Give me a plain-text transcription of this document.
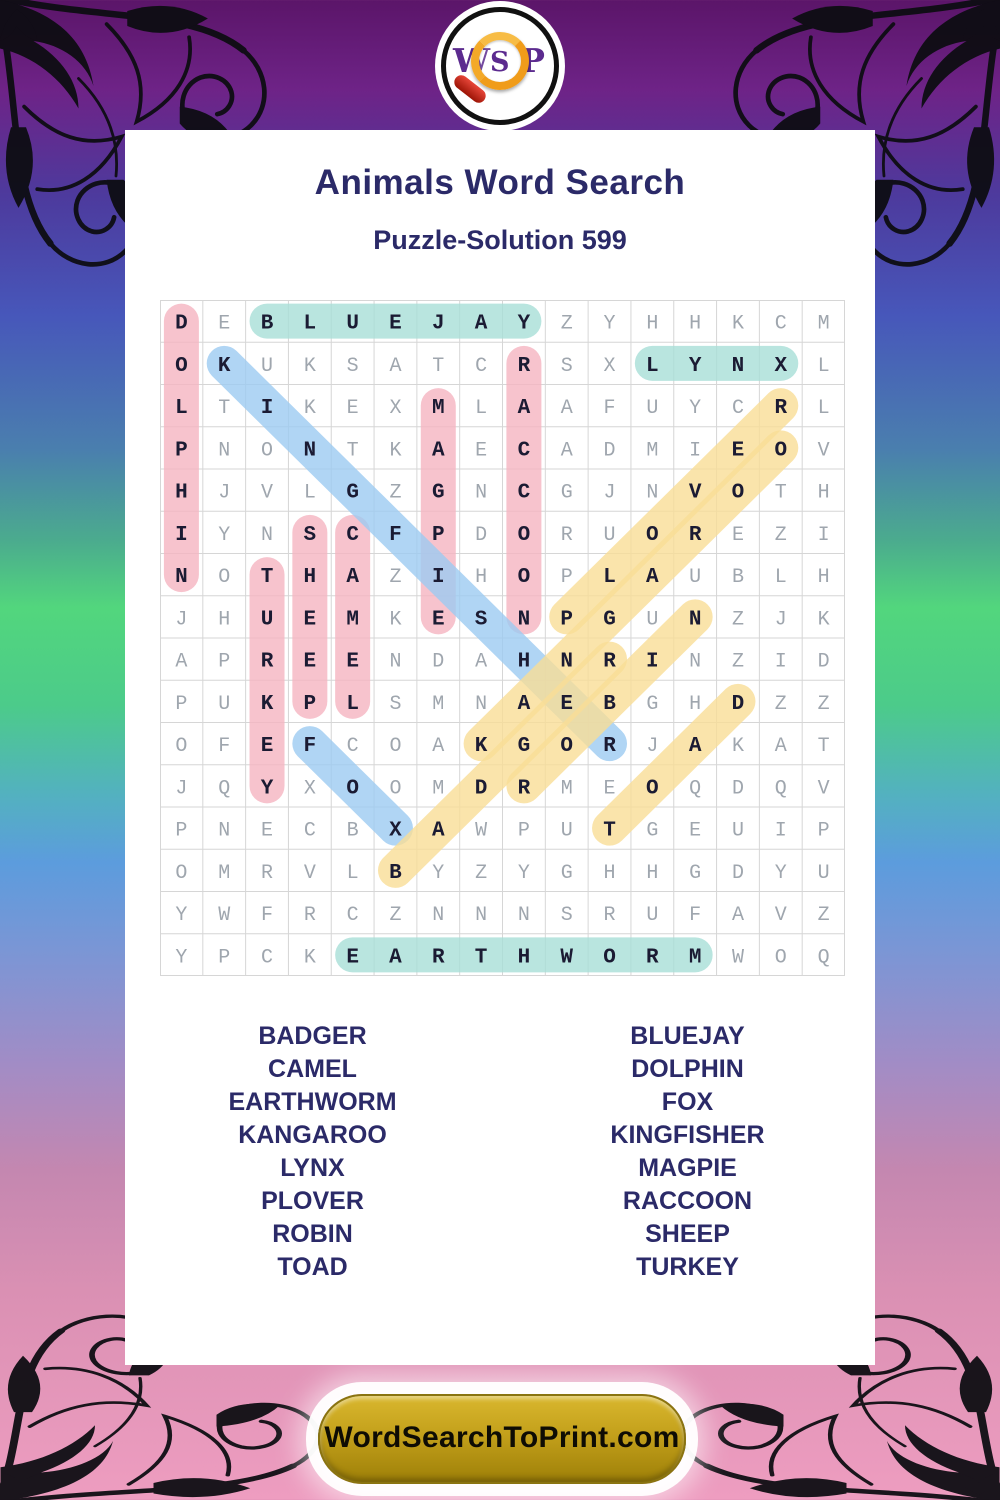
W S P
Animals Word Search
Puzzle-Solution 599
D E B L U E J A Y Z Y H H K C M
O K U K S A T C R S X L Y N X L
L T I K E X M L A A F U Y C R L
P N O N T K A E C A D M I E O V
H J V L G Z G N C G J N V O T H
I Y N S C F P D O R U O R E Z I
N O T H A Z I H O P L A U B L H
J H U E M K E S N P G U N Z J K
A P R E E N D A H N R I N Z I D
P U K P L S M N A E B G H D Z Z
O F E F C O A K G O R J A K A T
J Q Y X O O M D R M E O Q D Q V
P N E C B X A W P U T G E U I P
O M R V L B Y Z Y G H H G D Y U
Y W F R C Z N N N S R U F A V Z
Y P C K E A R T H W O R M W O Q
BADGER
CAMEL
EARTHWORM
KANGAROO
LYNX
PLOVER
ROBIN
TOAD
BLUEJAY
DOLPHIN
FOX
KINGFISHER
MAGPIE
RACCOON
SHEEP
TURKEY
WordSearchToPrint.com
